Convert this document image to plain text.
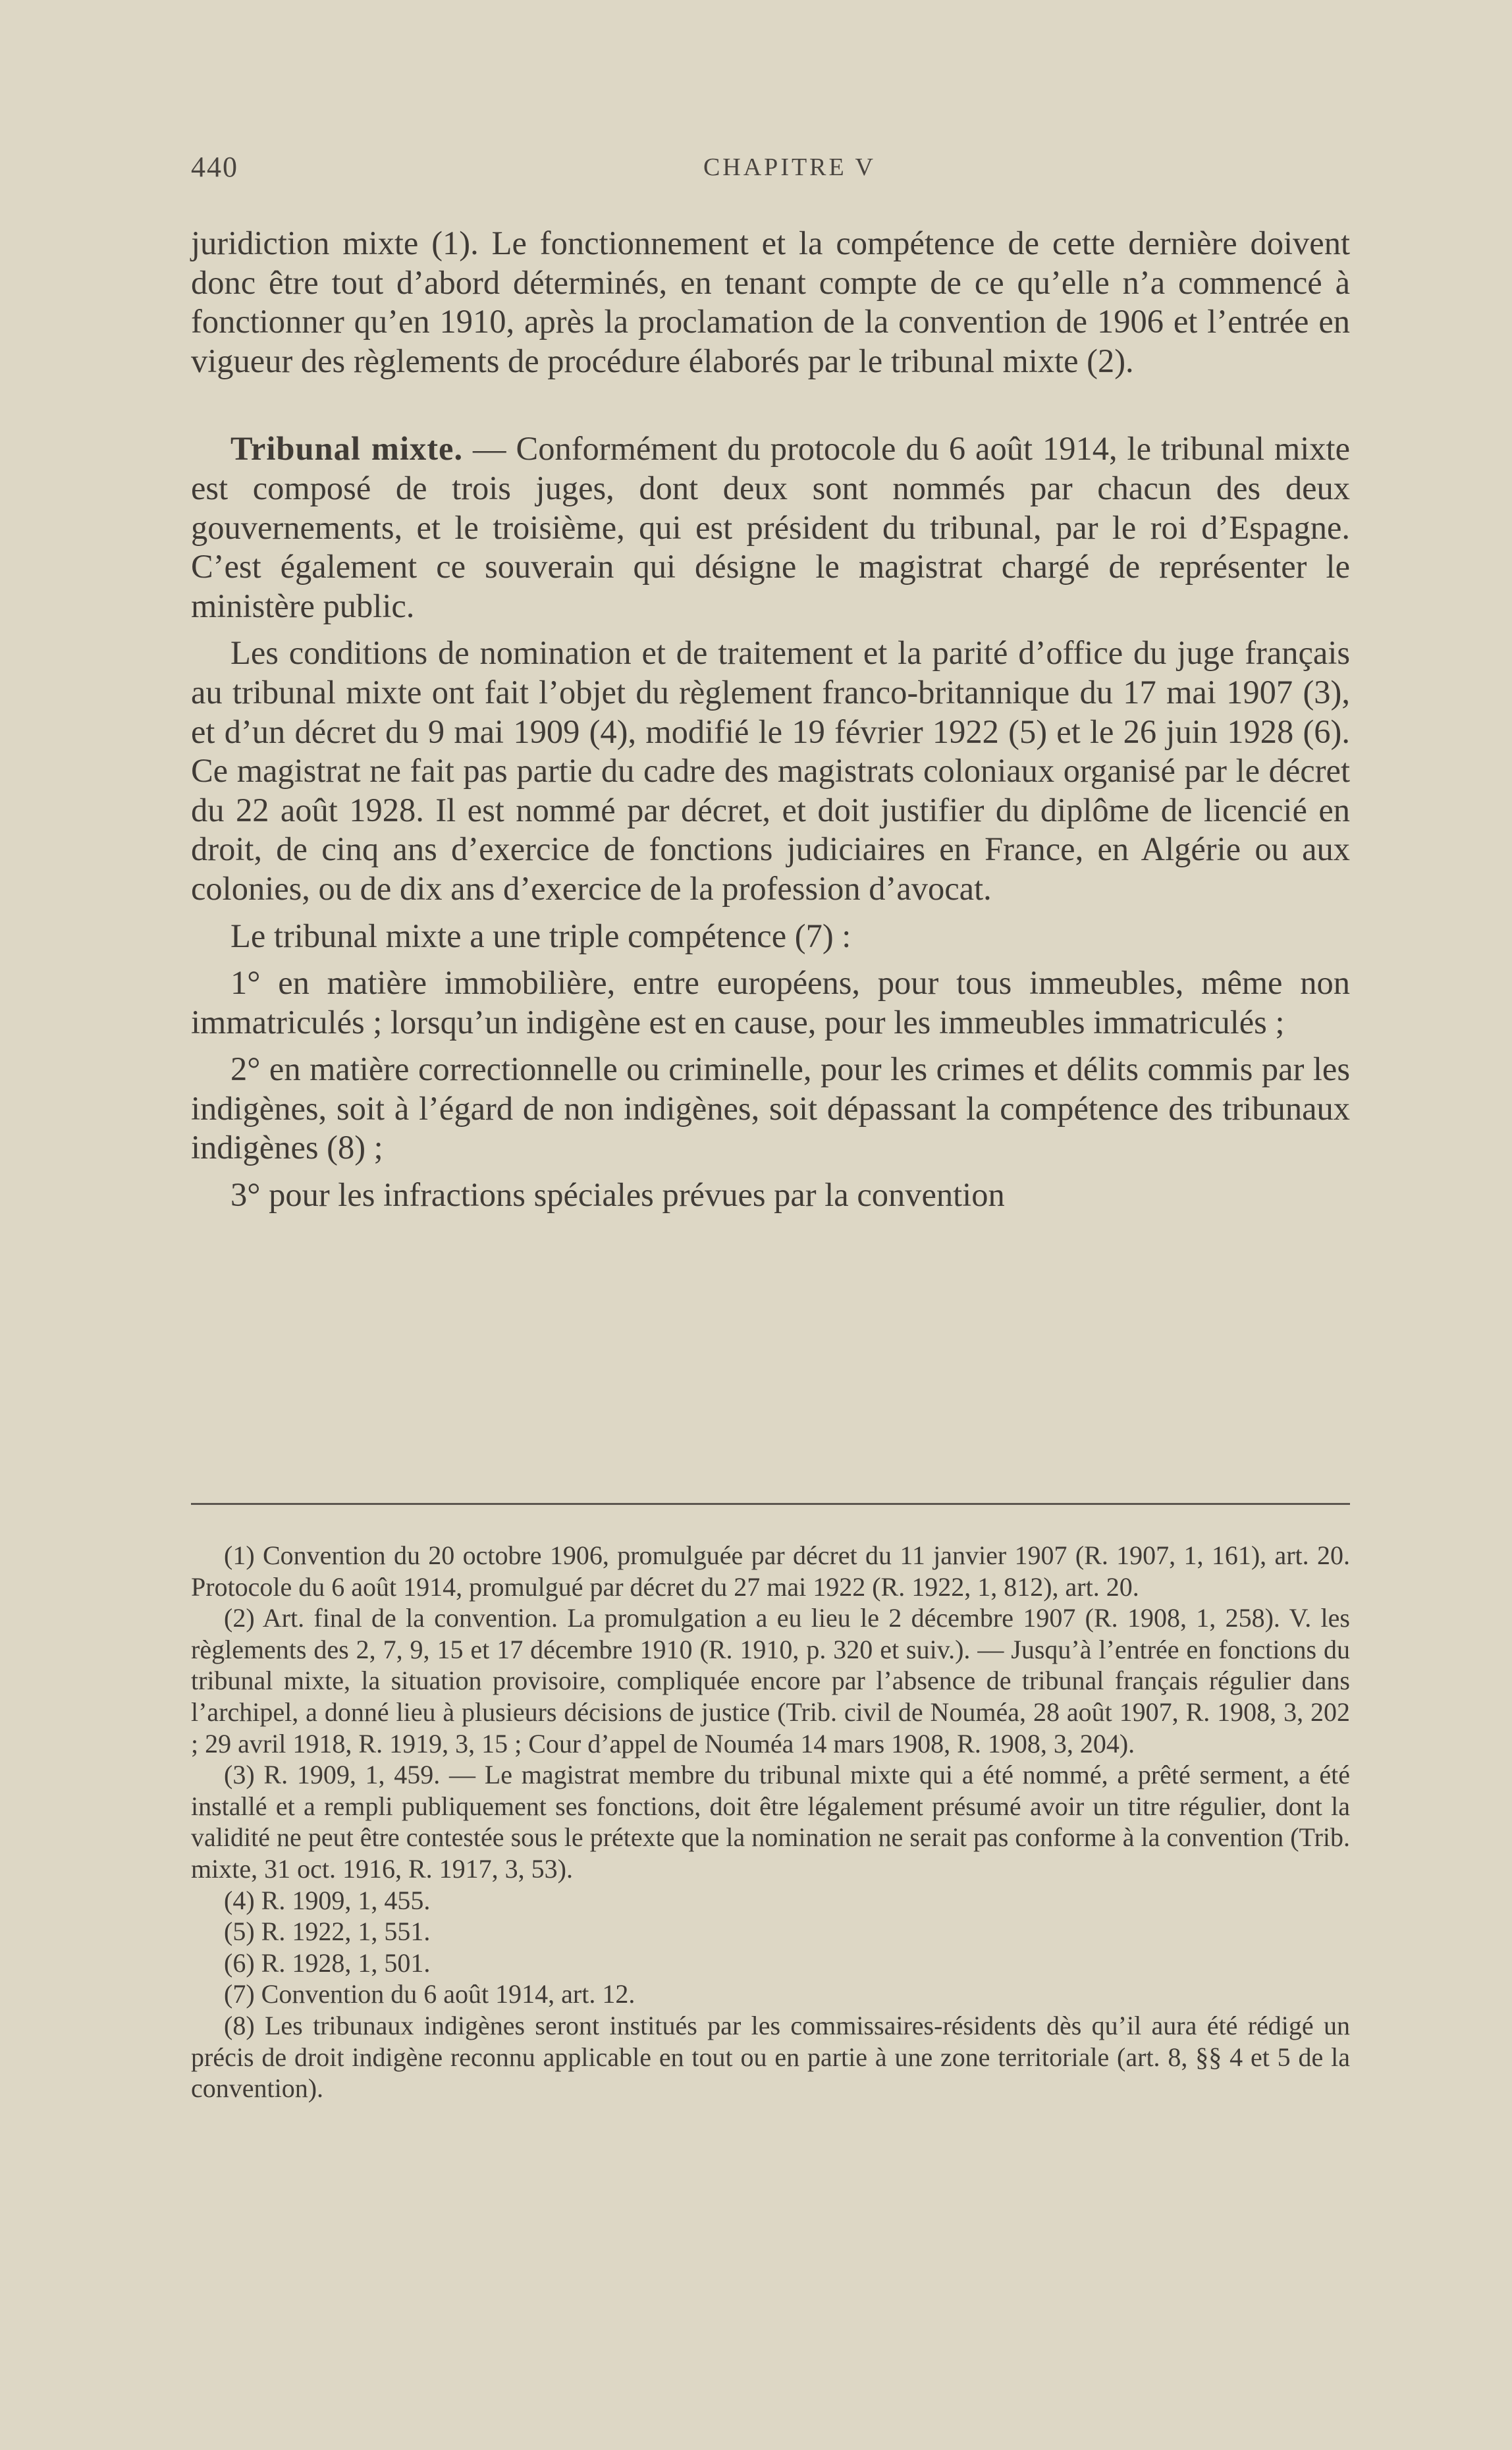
440	CHAPITRE V

juridiction mixte (1). Le fonctionnement et la compétence de cette dernière doivent donc être tout d’abord déterminés, en tenant compte de ce qu’elle n’a commencé à fonctionner qu’en 1910, après la proclamation de la convention de 1906 et l’entrée en vigueur des règlements de procédure élaborés par le tribunal mixte (2).

Tribunal mixte. — Conformément du protocole du 6 août 1914, le tribunal mixte est composé de trois juges, dont deux sont nommés par chacun des deux gouvernements, et le troisième, qui est président du tribunal, par le roi d’Espagne. C’est également ce souverain qui désigne le magistrat chargé de représenter le ministère public.

Les conditions de nomination et de traitement et la parité d’office du juge français au tribunal mixte ont fait l’objet du règlement franco-britannique du 17 mai 1907 (3), et d’un décret du 9 mai 1909 (4), modifié le 19 février 1922 (5) et le 26 juin 1928 (6). Ce magistrat ne fait pas partie du cadre des magistrats coloniaux organisé par le décret du 22 août 1928. Il est nommé par décret, et doit justifier du diplôme de licencié en droit, de cinq ans d’exercice de fonctions judiciaires en France, en Algérie ou aux colonies, ou de dix ans d’exercice de la profession d’avocat.

Le tribunal mixte a une triple compétence (7) :

1° en matière immobilière, entre européens, pour tous immeubles, même non immatriculés ; lorsqu’un indigène est en cause, pour les immeubles immatriculés ;

2° en matière correctionnelle ou criminelle, pour les crimes et délits commis par les indigènes, soit à l’égard de non indigènes, soit dépassant la compétence des tribunaux indigènes (8) ;

3° pour les infractions spéciales prévues par la convention

(1) Convention du 20 octobre 1906, promulguée par décret du 11 janvier 1907 (R. 1907, 1, 161), art. 20. Protocole du 6 août 1914, promulgué par décret du 27 mai 1922 (R. 1922, 1, 812), art. 20.

(2) Art. final de la convention. La promulgation a eu lieu le 2 décembre 1907 (R. 1908, 1, 258). V. les règlements des 2, 7, 9, 15 et 17 décembre 1910 (R. 1910, p. 320 et suiv.). — Jusqu’à l’entrée en fonctions du tribunal mixte, la situation provisoire, compliquée encore par l’absence de tribunal français régulier dans l’archipel, a donné lieu à plusieurs décisions de justice (Trib. civil de Nouméa, 28 août 1907, R. 1908, 3, 202 ; 29 avril 1918, R. 1919, 3, 15 ; Cour d’appel de Nouméa 14 mars 1908, R. 1908, 3, 204).

(3) R. 1909, 1, 459. — Le magistrat membre du tribunal mixte qui a été nommé, a prêté serment, a été installé et a rempli publiquement ses fonctions, doit être légalement présumé avoir un titre régulier, dont la validité ne peut être contestée sous le prétexte que la nomination ne serait pas conforme à la convention (Trib. mixte, 31 oct. 1916, R. 1917, 3, 53).

(4) R. 1909, 1, 455.

(5) R. 1922, 1, 551.

(6) R. 1928, 1, 501.

(7) Convention du 6 août 1914, art. 12.

(8) Les tribunaux indigènes seront institués par les commissaires-résidents dès qu’il aura été rédigé un précis de droit indigène reconnu applicable en tout ou en partie à une zone territoriale (art. 8, §§ 4 et 5 de la convention).
